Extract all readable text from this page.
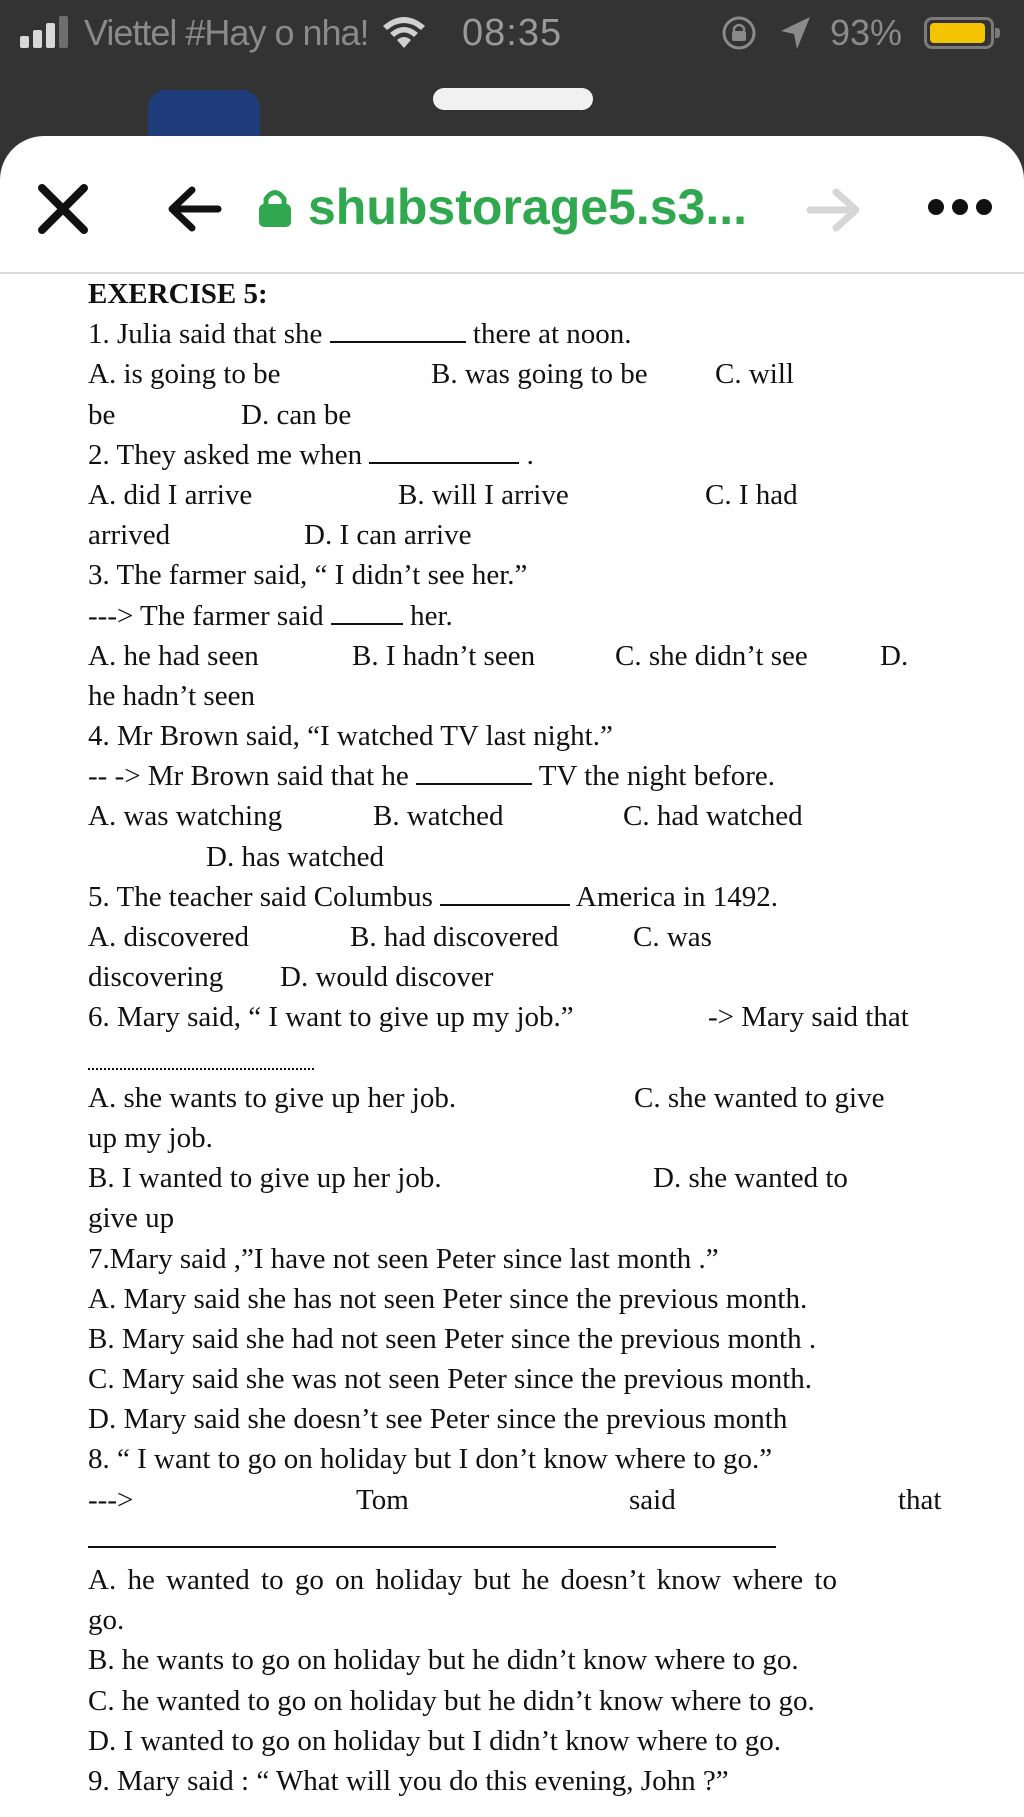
Viettel #Hay o nha! 08:35	93%
shubstorage5.s3...
EXERCISE 5:
1. Julia said that she	there at noon.
A. is going to be	B. was going to be C. will
be	D. can be
2. They asked me when	.
A. did I arrive	B. will I arrive	C. I had
arrived	D. I can arrive
3. The farmer said, “ I didn’t see her.”
---> The farmer said	her.
A. he had seen	B. I hadn’t seen	C. she didn’t see D.
he hadn’t seen
4. Mr Brown said, “I watched TV last night.”
-- -> Mr Brown said that he	TV the night before.
A. was watching	B. watched	C. had watched
D. has watched
5. The teacher said Columbus	America in 1492.
A. discovered	B. had discovered	C. was
discovering D. would discover
6. Mary said, “ I want to give up my job.”	-> Mary said that
A. she wants to give up her job.	C. she wanted to give
up my job.
B. I wanted to give up her job.	D. she wanted to
give up
7.Mary said ,”I have not seen Peter since last month .”
A. Mary said she has not seen Peter since the previous month.
B. Mary said she had not seen Peter since the previous month .
C. Mary said she was not seen Peter since the previous month.
D. Mary said she doesn’t see Peter since the previous month
8. “ I want to go on holiday but I don’t know where to go.”
--->	Tom	said	that
A. he wanted to go on holiday but he doesn’t know where to
go.
B. he wants to go on holiday but he didn’t know where to go.
C. he wanted to go on holiday but he didn’t know where to go.
D. I wanted to go on holiday but I didn’t know where to go.
9. Mary said : “ What will you do this evening, John ?”
